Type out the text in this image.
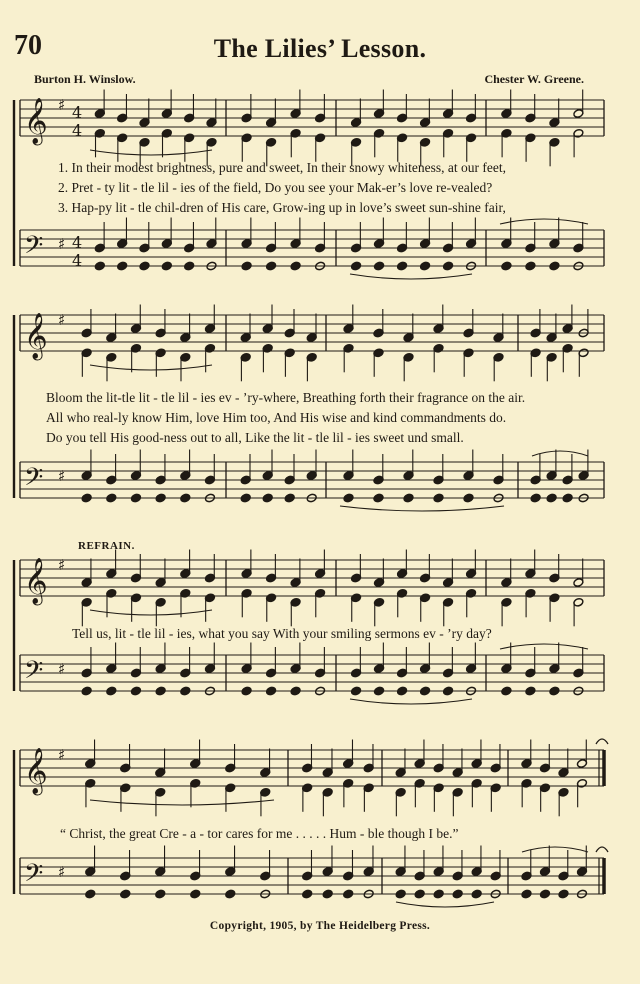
70	The Lilies’ Lesson.
Burton H. Winslow.	Chester W. Greene.
𝄞
𝄢
♯
♯
4
4
4
4
𝄞
𝄢
♯
♯
𝄞
𝄢
♯
♯
𝄞
𝄢
♯
♯
1. In their modest brightness, pure and sweet, In their snowy whiteness, at our feet,
2. Pret - ty lit - tle lil - ies of the field, Do you see your Mak-er’s love re-vealed?
3. Hap-py lit - tle chil-dren of His care, Grow-ing up in love’s sweet sun-shine fair,
Bloom the lit-tle lit - tle lil - ies ev - ’ry-where, Breathing forth their fragrance on the air.
All who real-ly know Him, love Him too, And His wise and kind commandments do.
Do you tell His good-ness out to all, Like the lit - tle lil - ies sweet und small.
REFRAIN.
Tell us, lit - tle lil - ies, what you say With your smiling sermons ev - ’ry day?
“ Christ, the great Cre - a - tor cares for me . . . . . Hum - ble though I be.”
Copyright, 1905, by The Heidelberg Press.
